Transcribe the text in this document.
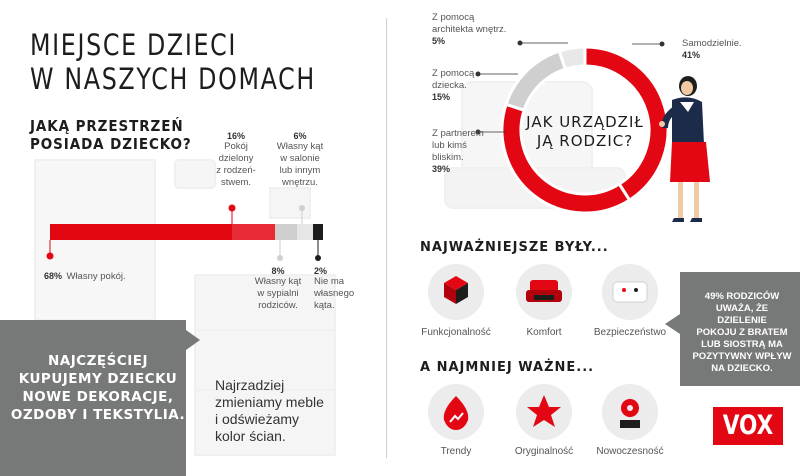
MIEJSCE DZIECI
W NASZYCH DOMACH
JAKĄ PRZESTRZEŃ
POSIADA DZIECKO?
68% Własny pokój.
16%
Pokój
dzielony
z rodzeń-
stwem.
6%
Własny kąt
w salonie
lub innym
wnętrzu.
8%
Własny kąt
w sypialni
rodziców.
2%
Nie ma
własnego
kąta.
NAJCZĘŚCIEJ
KUPUJEMY DZIECKU
NOWE DEKORACJE,
OZDOBY I TEKSTYLIA.
Najrzadziej
zmieniamy meble
i odświeżamy
kolor ścian.
Z pomocą
architekta wnętrz.
5%
Z pomocą
dziecka.
15%
Z partnerem
lub kimś
bliskim.
39%
Samodzielnie.
41%
JAK URZĄDZIŁ
JĄ RODZIC?
NAJWAŻNIEJSZE BYŁY...
Funkcjonalność	Komfort	Bezpieczeństwo
A NAJMNIEJ WAŻNE...
Trendy	Oryginalność	Nowoczesność
49% RODZICÓW
UWAŻA, ŻE DZIELENIE
POKOJU Z BRATEM
LUB SIOSTRĄ MA
POZYTYWNY WPŁYW
NA DZIECKO.
VOX
